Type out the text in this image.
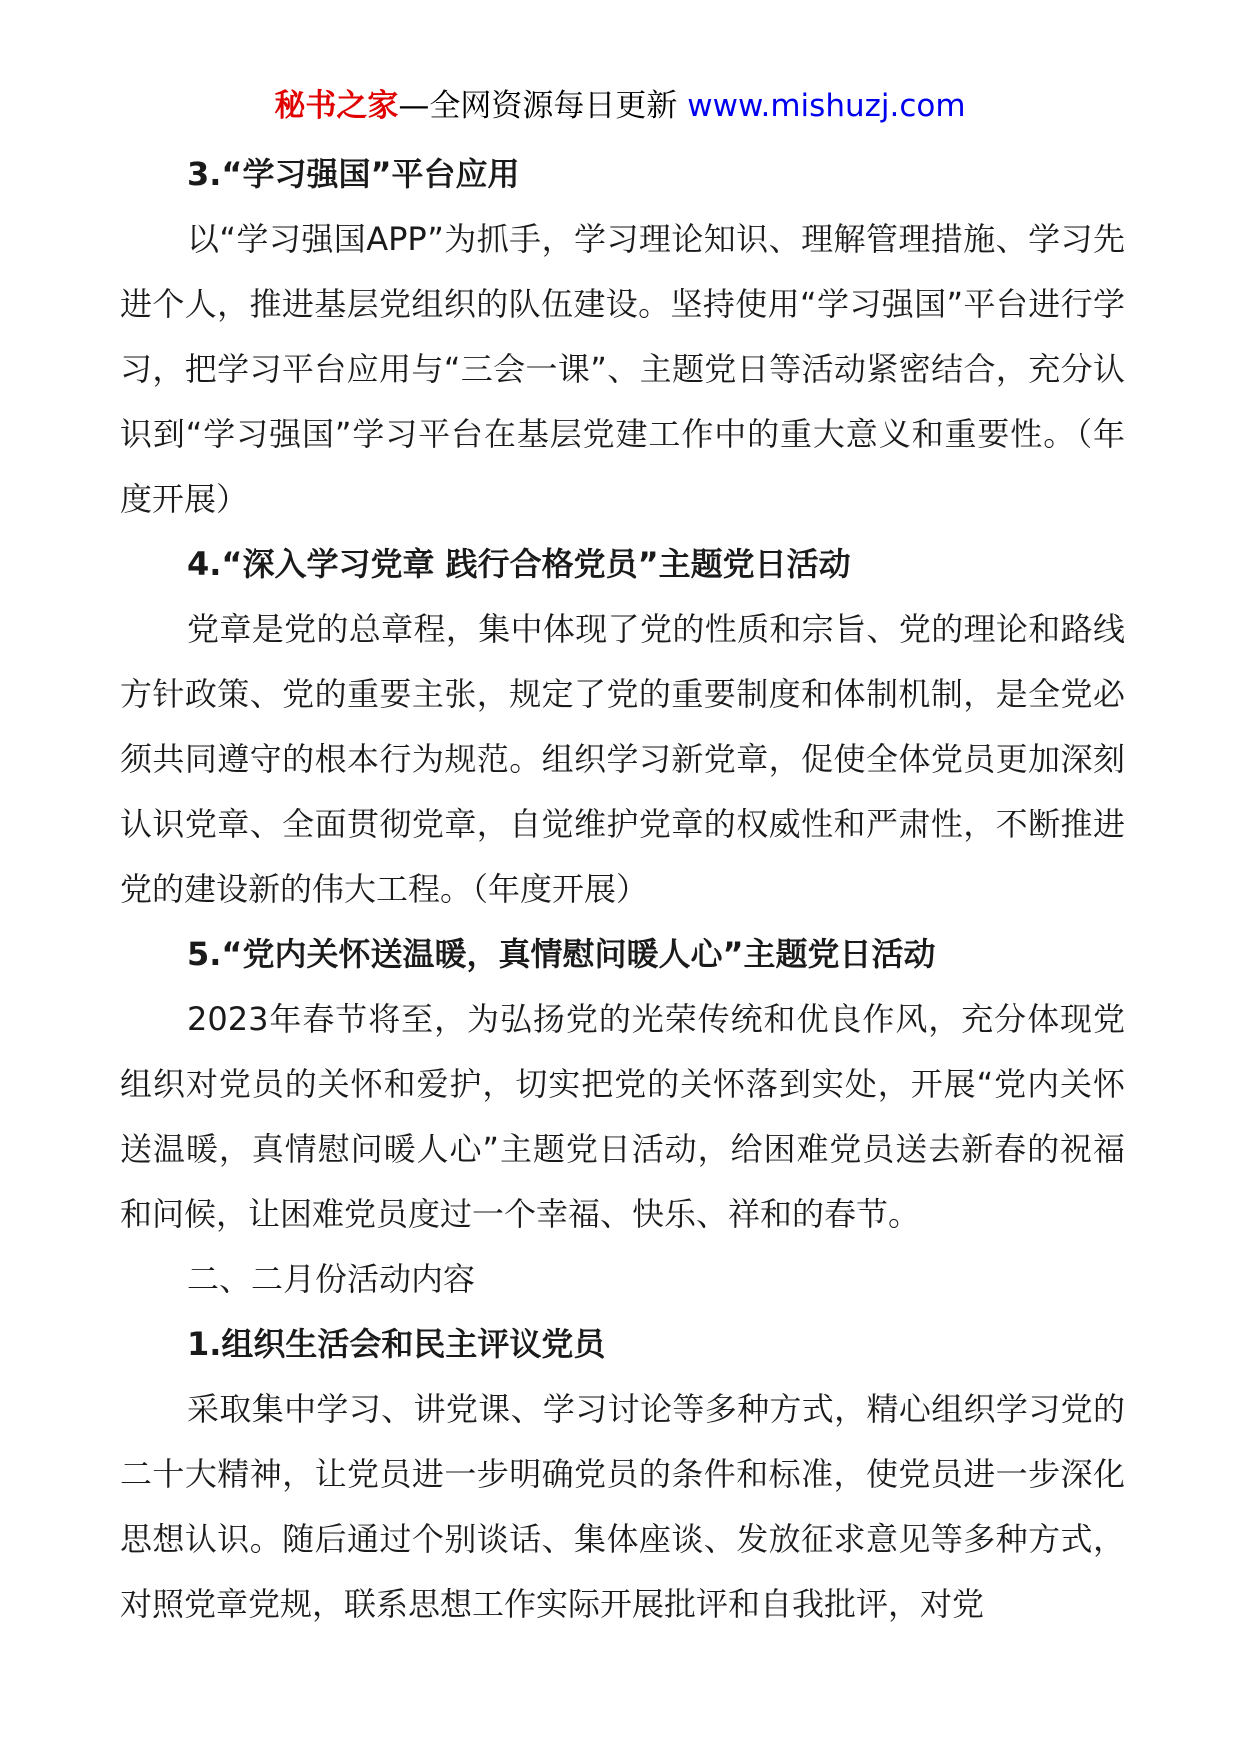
秘书之家—全网资源每日更新 www.mishuzj.com

3.“学习强国”平台应用

以“学习强国APP”为抓手，学习理论知识、理解管理措施、学习先进个人，推进基层党组织的队伍建设。坚持使用“学习强国”平台进行学习，把学习平台应用与“三会一课”、主题党日等活动紧密结合，充分认识到“学习强国”学习平台在基层党建工作中的重大意义和重要性。（年度开展）

4.“深入学习党章 践行合格党员”主题党日活动

党章是党的总章程，集中体现了党的性质和宗旨、党的理论和路线方针政策、党的重要主张，规定了党的重要制度和体制机制，是全党必须共同遵守的根本行为规范。组织学习新党章，促使全体党员更加深刻认识党章、全面贯彻党章，自觉维护党章的权威性和严肃性，不断推进党的建设新的伟大工程。（年度开展）

5.“党内关怀送温暖，真情慰问暖人心”主题党日活动

2023年春节将至，为弘扬党的光荣传统和优良作风，充分体现党组织对党员的关怀和爱护，切实把党的关怀落到实处，开展“党内关怀送温暖，真情慰问暖人心”主题党日活动，给困难党员送去新春的祝福和问候，让困难党员度过一个幸福、快乐、祥和的春节。

二、二月份活动内容

1.组织生活会和民主评议党员

采取集中学习、讲党课、学习讨论等多种方式，精心组织学习党的二十大精神，让党员进一步明确党员的条件和标准，使党员进一步深化思想认识。随后通过个别谈话、集体座谈、发放征求意见等多种方式，对照党章党规，联系思想工作实际开展批评和自我批评，对党
